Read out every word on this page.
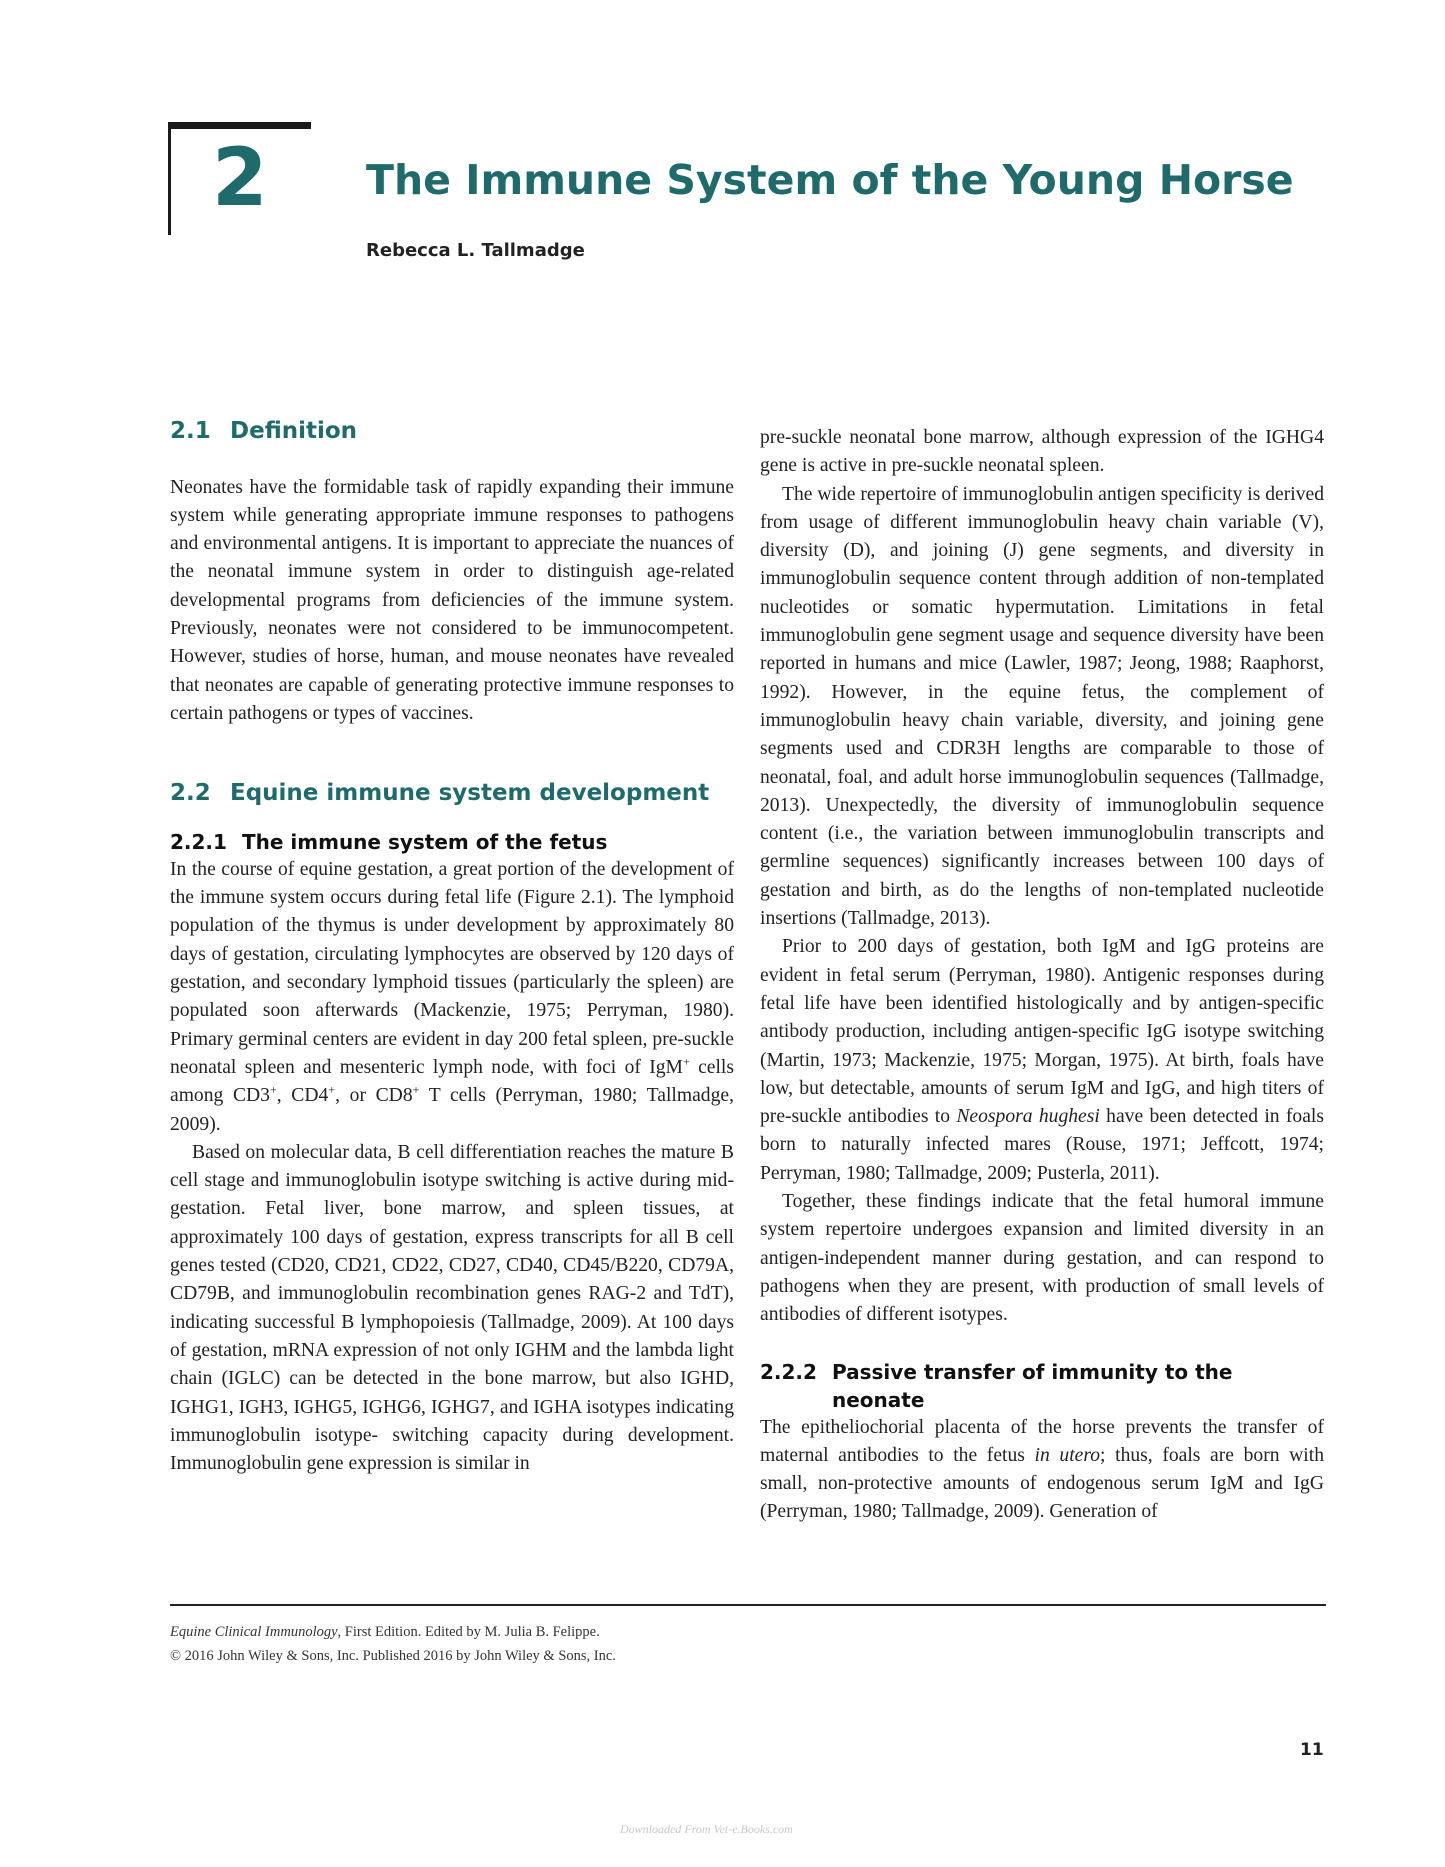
2 The Immune System of the Young Horse
Rebecca L. Tallmadge
2.1 Definition

Neonates have the formidable task of rapidly expanding their immune system while generating appropriate immune responses to pathogens and environmental antigens. It is important to appreciate the nuances of the neonatal immune system in order to distinguish age-related developmental programs from deficiencies of the immune system. Previously, neonates were not considered to be immunocompetent. However, studies of horse, human, and mouse neonates have revealed that neonates are capable of generating protective immune responses to certain pathogens or types of vaccines.

2.2 Equine immune system development
2.2.1 The immune system of the fetus

In the course of equine gestation, a great portion of the development of the immune system occurs during fetal life (Figure 2.1). The lymphoid population of the thymus is under development by approximately 80 days of gestation, circulating lymphocytes are observed by 120 days of gestation, and secondary lymphoid tissues (particularly the spleen) are populated soon afterwards (Mackenzie, 1975; Perryman, 1980). Primary germinal centers are evident in day 200 fetal spleen, pre-suckle neonatal spleen and mesenteric lymph node, with foci of IgM+ cells among CD3+, CD4+, or CD8+ T cells (Perryman, 1980; Tallmadge, 2009).

Based on molecular data, B cell differentiation reaches the mature B cell stage and immunoglobulin isotype switching is active during mid-gestation. Fetal liver, bone marrow, and spleen tissues, at approximately 100 days of gestation, express transcripts for all B cell genes tested (CD20, CD21, CD22, CD27, CD40, CD45/B220, CD79A, CD79B, and immunoglobulin recombination genes RAG-2 and TdT), indicating successful B lymphopoiesis (Tallmadge, 2009). At 100 days of gestation, mRNA expression of not only IGHM and the lambda light chain (IGLC) can be detected in the bone marrow, but also IGHD, IGHG1, IGH3, IGHG5, IGHG6, IGHG7, and IGHA isotypes indicating immunoglobulin isotype- switching capacity during development. Immunoglobulin gene expression is similar in

pre-suckle neonatal bone marrow, although expression of the IGHG4 gene is active in pre-suckle neonatal spleen.

The wide repertoire of immunoglobulin antigen specificity is derived from usage of different immunoglobulin heavy chain variable (V), diversity (D), and joining (J) gene segments, and diversity in immunoglobulin sequence content through addition of non-templated nucleotides or somatic hypermutation. Limitations in fetal immunoglobulin gene segment usage and sequence diversity have been reported in humans and mice (Lawler, 1987; Jeong, 1988; Raaphorst, 1992). However, in the equine fetus, the complement of immunoglobulin heavy chain variable, diversity, and joining gene segments used and CDR3H lengths are comparable to those of neonatal, foal, and adult horse immunoglobulin sequences (Tallmadge, 2013). Unexpectedly, the diversity of immunoglobulin sequence content (i.e., the variation between immunoglobulin transcripts and germline sequences) significantly increases between 100 days of gestation and birth, as do the lengths of non-templated nucleotide insertions (Tallmadge, 2013).

Prior to 200 days of gestation, both IgM and IgG proteins are evident in fetal serum (Perryman, 1980). Antigenic responses during fetal life have been identified histologically and by antigen-specific antibody production, including antigen-specific IgG isotype switching (Martin, 1973; Mackenzie, 1975; Morgan, 1975). At birth, foals have low, but detectable, amounts of serum IgM and IgG, and high titers of pre-suckle antibodies to Neospora hughesi have been detected in foals born to naturally infected mares (Rouse, 1971; Jeffcott, 1974; Perryman, 1980; Tallmadge, 2009; Pusterla, 2011).

Together, these findings indicate that the fetal humoral immune system repertoire undergoes expansion and limited diversity in an antigen-independent manner during gestation, and can respond to pathogens when they are present, with production of small levels of antibodies of different isotypes.

2.2.2 Passive transfer of immunity to the neonate

The epitheliochorial placenta of the horse prevents the transfer of maternal antibodies to the fetus in utero; thus, foals are born with small, non-protective amounts of endogenous serum IgM and IgG (Perryman, 1980; Tallmadge, 2009). Generation of

Equine Clinical Immunology, First Edition. Edited by M. Julia B. Felippe.
© 2016 John Wiley & Sons, Inc. Published 2016 by John Wiley & Sons, Inc.
11
Downloaded From Vet-e.Books.com
